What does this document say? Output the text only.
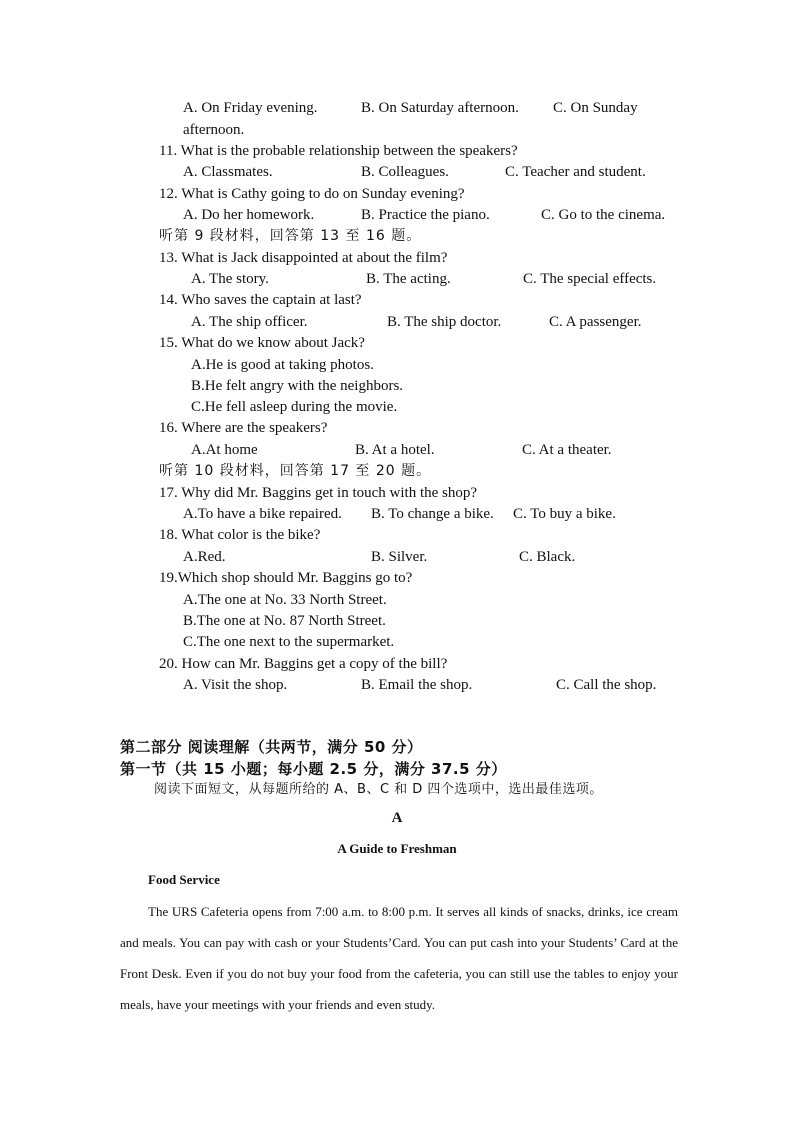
A. On Friday evening.	B. On Saturday afternoon. C. On Sunday
afternoon.
11. What is the probable relationship between the speakers?
A. Classmates.	B. Colleagues.	C. Teacher and student.
12. What is Cathy going to do on Sunday evening?
A. Do her homework.	B. Practice the piano.	C. Go to the cinema.
听第 9 段材料，回答第 13 至 16 题。
13. What is Jack disappointed at about the film?
A. The story.	B. The acting.	C. The special effects.
14. Who saves the captain at last?
A. The ship officer.	B. The ship doctor.	C. A passenger.
15. What do we know about Jack?
A.He is good at taking photos.
B.He felt angry with the neighbors.
C.He fell asleep during the movie.
16. Where are the speakers?
A.At home	B. At a hotel.	C. At a theater.
听第 10 段材料，回答第 17 至 20 题。
17. Why did Mr. Baggins get in touch with the shop?
A.To have a bike repaired. B. To change a bike. C. To buy a bike.
18. What color is the bike?
A.Red.	B. Silver.	C. Black.
19.Which shop should Mr. Baggins go to?
A.The one at No. 33 North Street.
B.The one at No. 87 North Street.
C.The one next to the supermarket.
20. How can Mr. Baggins get a copy of the bill?
A. Visit the shop.	B. Email the shop.	C. Call the shop.
第二部分 阅读理解（共两节，满分 50 分）
第一节（共 15 小题；每小题 2.5 分，满分 37.5 分）
阅读下面短文，从每题所给的 A、B、C 和 D 四个选项中，选出最佳选项。
A
A Guide to Freshman
Food Service
The URS Cafeteria opens from 7:00 a.m. to 8:00 p.m. It serves all kinds of snacks, drinks, ice cream and meals. You can pay with cash or your Students’Card. You can put cash into your Students’ Card at the Front Desk. Even if you do not buy your food from the cafeteria, you can still use the tables to enjoy your meals, have your meetings with your friends and even study.
